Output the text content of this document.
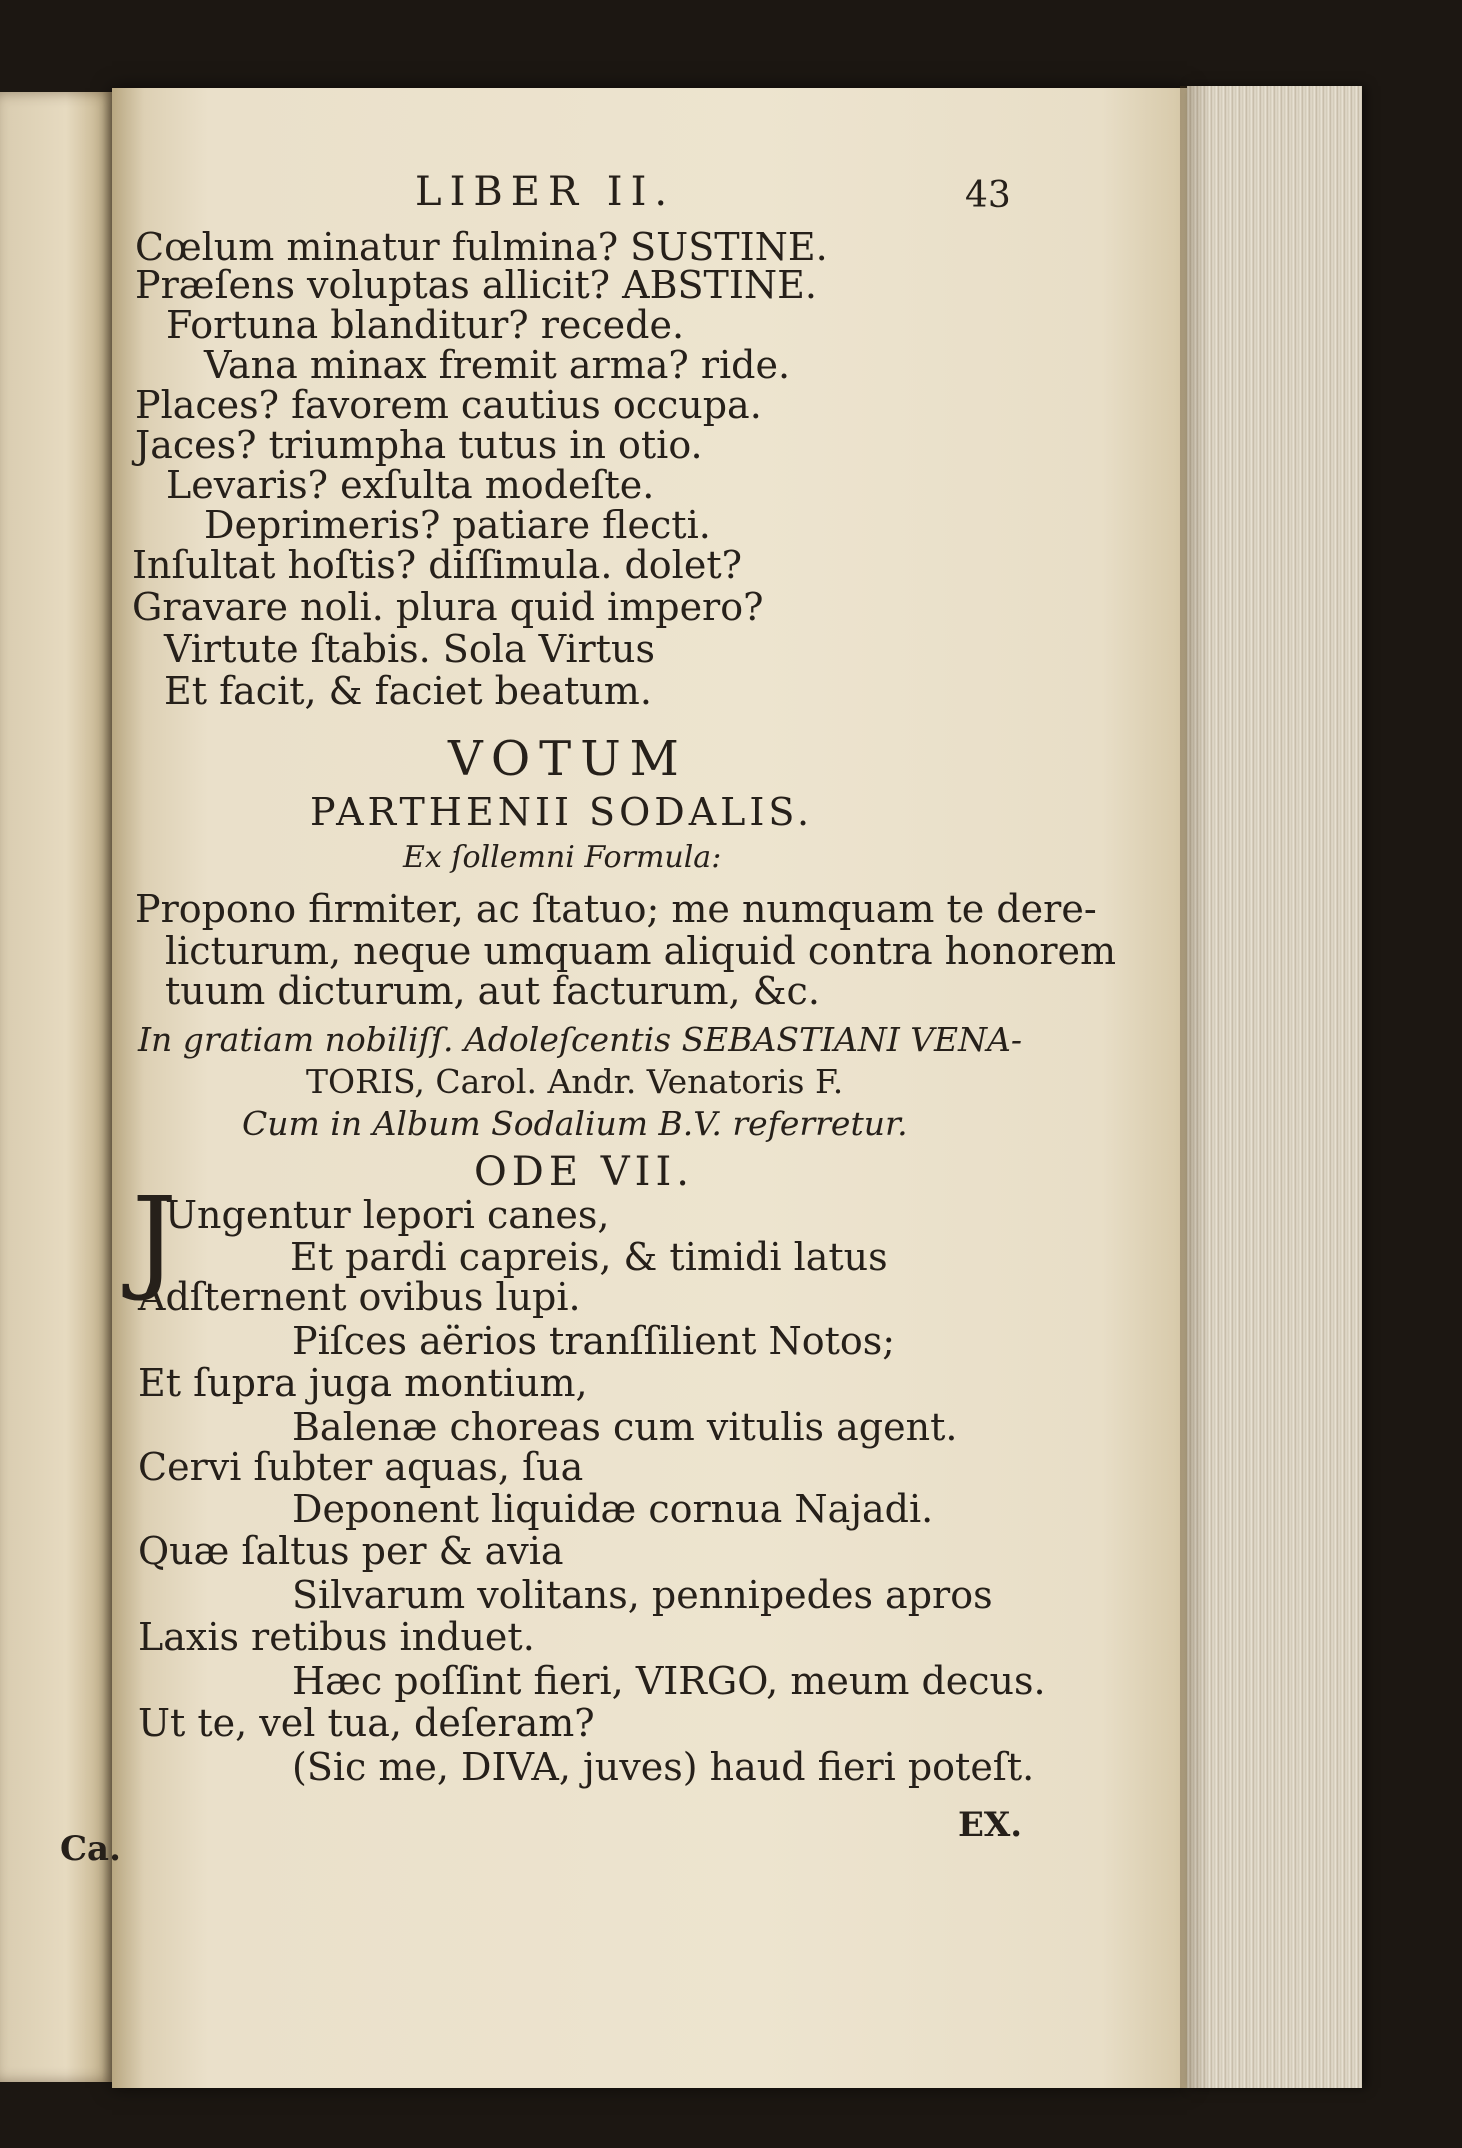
LIBER II.	43
Cœlum minatur fulmina? SUSTINE.
Præſens voluptas allicit? ABSTINE.
Fortuna blanditur? recede.
Vana minax fremit arma? ride.
Places? favorem cautius occupa.
Jaces? triumpha tutus in otio.
Levaris? exſulta modeſte.
Deprimeris? patiare flecti.
Inſultat hoſtis? diſſimula. dolet?
Gravare noli. plura quid impero?
Virtute ſtabis. Sola Virtus
Et facit, & faciet beatum.
VOTUM
PARTHENII SODALIS.
Ex ſollemni Formula:
Propono firmiter, ac ſtatuo; me numquam te dere-
licturum, neque umquam aliquid contra honorem
tuum dicturum, aut facturum, &c.
In gratiam nobiliſſ. Adoleſcentis SEBASTIANI VENA-
TORIS, Carol. Andr. Venatoris F.
Cum in Album Sodalium B.V. referretur.
ODE VII.
J
Ungentur lepori canes,
Et pardi capreis, & timidi latus
Adſternent ovibus lupi.
Piſces aërios tranſſilient Notos;
Et ſupra juga montium,
Balenæ choreas cum vitulis agent.
Cervi ſubter aquas, ſua
Deponent liquidæ cornua Najadi.
Quæ ſaltus per & avia
Silvarum volitans, pennipedes apros
Laxis retibus induet.
Hæc poſſint fieri, VIRGO, meum decus.
Ut te, vel tua, deſeram?
(Sic me, DIVA, juves) haud fieri poteſt.
Ca.
EX.
